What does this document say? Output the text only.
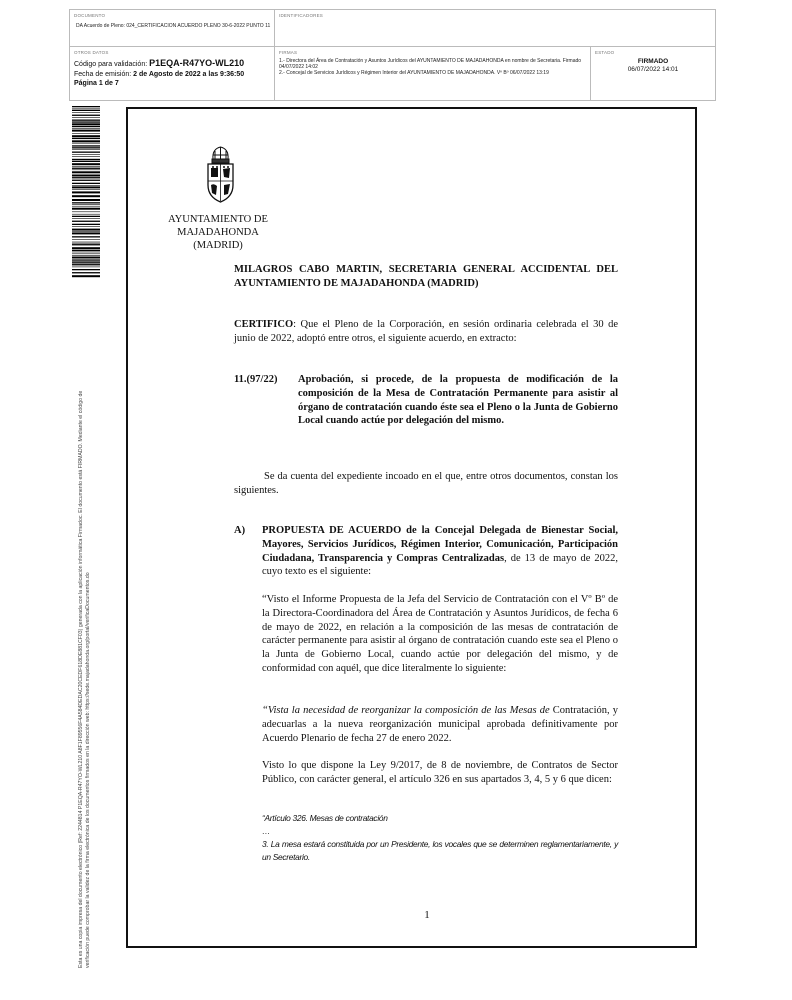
DOCUMENTO
DA Acuerdo de Pleno: 024_CERTIFICACION ACUERDO PLENO 30-6-2022 PUNTO 11
IDENTIFICADORES
OTROS DATOS
Código para validación: P1EQA-R47YO-WL210
Fecha de emisión: 2 de Agosto de 2022 a las 9:36:50
Página 1 de 7
FIRMAS
1.- Directora del Área de Contratación y Asuntos Jurídicos del AYUNTAMIENTO DE MAJADAHONDA en nombre de Secretaria. Firmado 04/07/2022 14:02
2.- Concejal de Servicios Jurídicos y Régimen Interior del AYUNTAMIENTO DE MAJADAHONDA. Vº Bº 06/07/2022 13:19
ESTADO
FIRMADO
06/07/2022 14:01
Esta es una copia impresa del documento electrónico (Ref: 2244814 P1EQA-R47YO-WL210 A8F1F89556F4A584DEDAC20CEDF618DE881CF03) generada con la aplicación informática Firmadoc. El documento está FIRMADO. Mediante el código de verificación puede comprobar la validez de la firma electrónica de los documentos firmados en la dirección web: https://sede.majadahonda.org/portal/verificaDocumentos.do
AYUNTAMIENTO DE
MAJADAHONDA
(MADRID)
MILAGROS CABO MARTIN, SECRETARIA GENERAL ACCIDENTAL DEL AYUNTAMIENTO DE MAJADAHONDA (MADRID)
CERTIFICO: Que el Pleno de la Corporación, en sesión ordinaria celebrada el 30 de junio de 2022, adoptó entre otros, el siguiente acuerdo, en extracto:
11.(97/22)	Aprobación, si procede, de la propuesta de modificación de la composición de la Mesa de Contratación Permanente para asistir al órgano de contratación cuando éste sea el Pleno o la Junta de Gobierno Local cuando actúe por delegación del mismo.
Se da cuenta del expediente incoado en el que, entre otros documentos, constan los siguientes.
A)	PROPUESTA DE ACUERDO de la Concejal Delegada de Bienestar Social, Mayores, Servicios Jurídicos, Régimen Interior, Comunicación, Participación Ciudadana, Transparencia y Compras Centralizadas, de 13 de mayo de 2022, cuyo texto es el siguiente:
“Visto el Informe Propuesta de la Jefa del Servicio de Contratación con el Vº Bº de la Directora-Coordinadora del Área de Contratación y Asuntos Jurídicos, de fecha 6 de mayo de 2022, en relación a la composición de las mesas de contratación de carácter permanente para asistir al órgano de contratación cuando este sea el Pleno o la Junta de Gobierno Local, cuando actúe por delegación del mismo, y de conformidad con aquél, que dice literalmente lo siguiente:
“Vista la necesidad de reorganizar la composición de las Mesas de Contratación, y adecuarlas a la nueva reorganización municipal aprobada definitivamente por Acuerdo Plenario de fecha 27 de enero 2022.
Visto lo que dispone la Ley 9/2017, de 8 de noviembre, de Contratos de Sector Público, con carácter general, el artículo 326 en sus apartados 3, 4, 5 y 6 que dicen:
“Artículo 326. Mesas de contratación
…
3. La mesa estará constituida por un Presidente, los vocales que se determinen reglamentariamente, y un Secretario.
1
